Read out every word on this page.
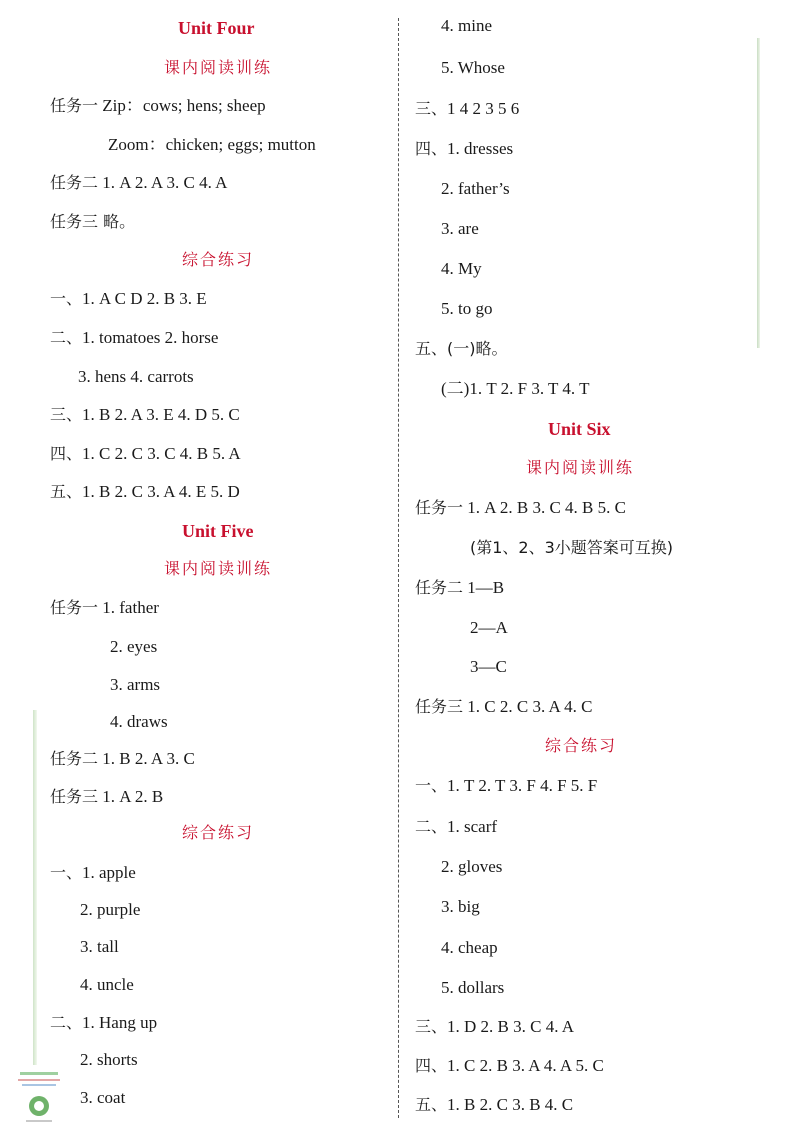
Unit Four
课内阅读训练
任务一 Zip：cows; hens; sheep
Zoom：chicken; eggs; mutton
任务二 1. A 2. A 3. C 4. A
任务三 略。
综合练习
一、1. A C D 2. B 3. E
二、1. tomatoes 2. horse
3. hens 4. carrots
三、1. B 2. A 3. E 4. D 5. C
四、1. C 2. C 3. C 4. B 5. A
五、1. B 2. C 3. A 4. E 5. D
Unit Five
课内阅读训练
任务一 1. father
2. eyes
3. arms
4. draws
任务二 1. B 2. A 3. C
任务三 1. A 2. B
综合练习
一、1. apple
2. purple
3. tall
4. uncle
二、1. Hang up
2. shorts
3. coat
4. mine
5. Whose
三、1 4 2 3 5 6
四、1. dresses
2. father’s
3. are
4. My
5. to go
五、(一)略。
(二)1. T 2. F 3. T 4. T
Unit Six
课内阅读训练
任务一 1. A 2. B 3. C 4. B 5. C
(第1、2、3小题答案可互换)
任务二 1—B
2—A
3—C
任务三 1. C 2. C 3. A 4. C
综合练习
一、1. T 2. T 3. F 4. F 5. F
二、1. scarf
2. gloves
3. big
4. cheap
5. dollars
三、1. D 2. B 3. C 4. A
四、1. C 2. B 3. A 4. A 5. C
五、1. B 2. C 3. B 4. C
